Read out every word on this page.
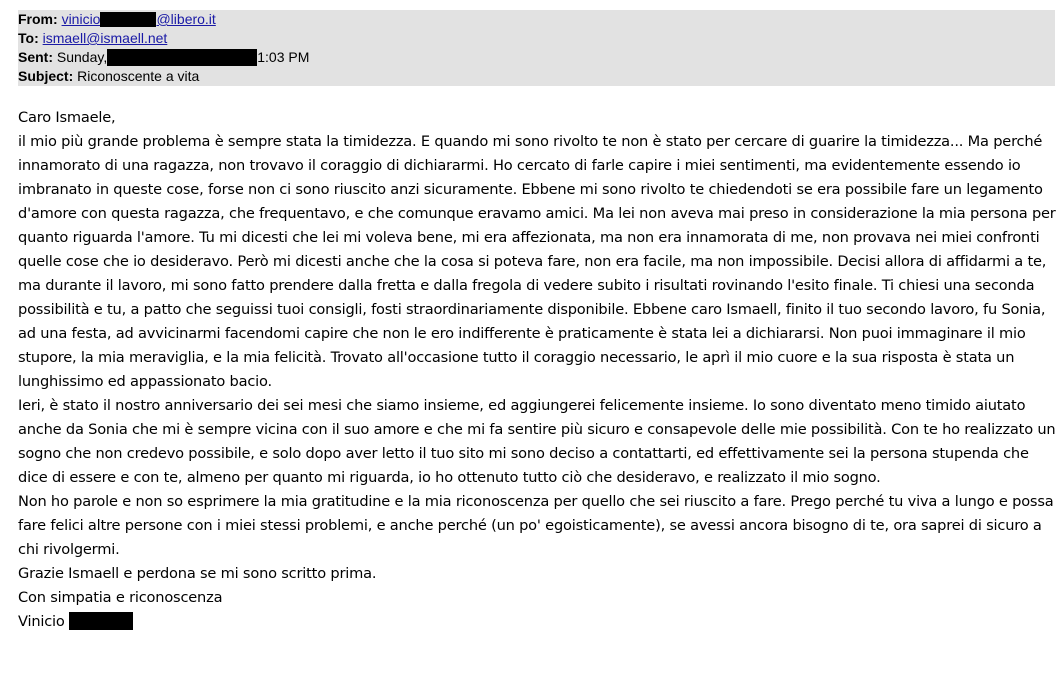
From: vinicio	@libero.it
To: ismaell@ismaell.net
Sent: Sunday,	1:03 PM
Subject: Riconoscente a vita

Caro Ismaele,

il mio più grande problema è sempre stata la timidezza. E quando mi sono rivolto te non è stato per cercare di guarire la timidezza... Ma perché innamorato di una ragazza, non trovavo il coraggio di dichiararmi. Ho cercato di farle capire i miei sentimenti, ma evidentemente essendo io imbranato in queste cose, forse non ci sono riuscito anzi sicuramente. Ebbene mi sono rivolto te chiedendoti se era possibile fare un legamento d'amore con questa ragazza, che frequentavo, e che comunque eravamo amici. Ma lei non aveva mai preso in considerazione la mia persona per quanto riguarda l'amore. Tu mi dicesti che lei mi voleva bene, mi era affezionata, ma non era innamorata di me, non provava nei miei confronti quelle cose che io desideravo. Però mi dicesti anche che la cosa si poteva fare, non era facile, ma non impossibile. Decisi allora di affidarmi a te, ma durante il lavoro, mi sono fatto prendere dalla fretta e dalla fregola di vedere subito i risultati rovinando l'esito finale. Ti chiesi una seconda possibilità e tu, a patto che seguissi tuoi consigli, fosti straordinariamente disponibile. Ebbene caro Ismaell, finito il tuo secondo lavoro, fu Sonia, ad una festa, ad avvicinarmi facendomi capire che non le ero indifferente è praticamente è stata lei a dichiararsi. Non puoi immaginare il mio stupore, la mia meraviglia, e la mia felicità. Trovato all'occasione tutto il coraggio necessario, le aprì il mio cuore e la sua risposta è stata un lunghissimo ed appassionato bacio.

Ieri, è stato il nostro anniversario dei sei mesi che siamo insieme, ed aggiungerei felicemente insieme. Io sono diventato meno timido aiutato anche da Sonia che mi è sempre vicina con il suo amore e che mi fa sentire più sicuro e consapevole delle mie possibilità. Con te ho realizzato un sogno che non credevo possibile, e solo dopo aver letto il tuo sito mi sono deciso a contattarti, ed effettivamente sei la persona stupenda che dice di essere e con te, almeno per quanto mi riguarda, io ho ottenuto tutto ciò che desideravo, e realizzato il mio sogno.

Non ho parole e non so esprimere la mia gratitudine e la mia riconoscenza per quello che sei riuscito a fare. Prego perché tu viva a lungo e possa fare felici altre persone con i miei stessi problemi, e anche perché (un po' egoisticamente), se avessi ancora bisogno di te, ora saprei di sicuro a chi rivolgermi.

Grazie Ismaell e perdona se mi sono scritto prima.

Con simpatia e riconoscenza

Vinicio
